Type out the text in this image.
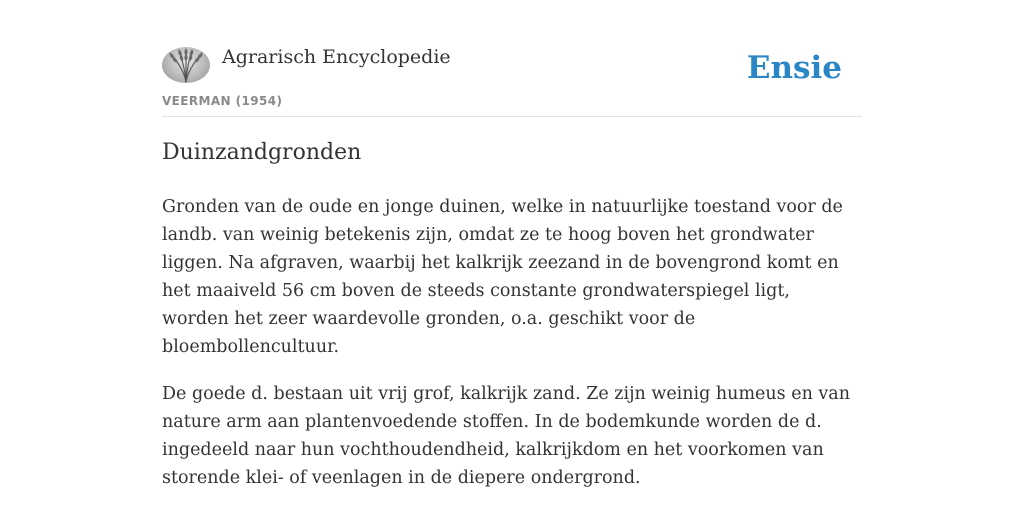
Agrarisch Encyclopedie
VEERMAN (1954)
Ensie
Duinzandgronden

Gronden van de oude en jonge duinen, welke in natuurlijke toestand voor de landb. van weinig betekenis zijn, omdat ze te hoog boven het grondwater liggen. Na afgraven, waarbij het kalkrijk zeezand in de bovengrond komt en het maaiveld 56 cm boven de steeds constante grondwaterspiegel ligt, worden het zeer waardevolle gronden, o.a. geschikt voor de bloembollencultuur.

De goede d. bestaan uit vrij grof, kalkrijk zand. Ze zijn weinig humeus en van nature arm aan plantenvoedende stoffen. In de bodemkunde worden de d. ingedeeld naar hun vochthoudendheid, kalkrijkdom en het voorkomen van storende klei- of veenlagen in de diepere ondergrond.
